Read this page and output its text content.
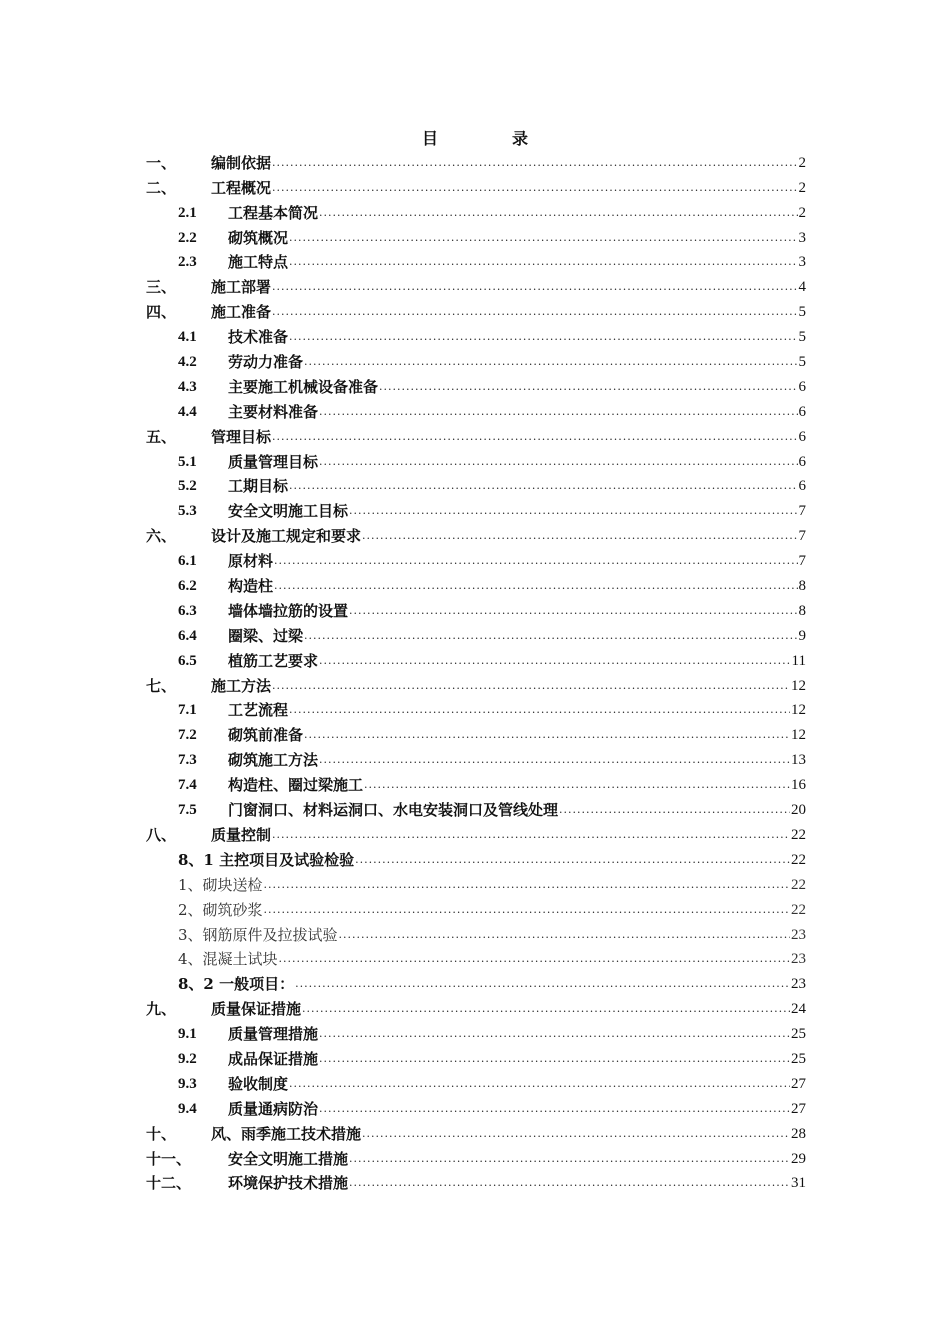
目	录
一、	编制依据 .....	2
二、	工程概况 .....	2
2.1	工程基本简况 .....	2
2.2	砌筑概况 .....	3
2.3	施工特点 .....	3
三、	施工部署 .....	4
四、	施工准备 .....	5
4.1	技术准备 .....	5
4.2	劳动力准备 .....	5
4.3	主要施工机械设备准备 .....	6
4.4	主要材料准备 .....	6
五、	管理目标 .....	6
5.1	质量管理目标 .....	6
5.2	工期目标 .....	6
5.3	安全文明施工目标 .....	7
六、	设计及施工规定和要求 .....	7
6.1	原材料 .....	7
6.2	构造柱 .....	8
6.3	墙体墙拉筋的设置 .....	8
6.4	圈梁、过梁 .....	9
6.5	植筋工艺要求 .....	11
七、	施工方法 .....	12
7.1	工艺流程 .....	12
7.2	砌筑前准备 .....	12
7.3	砌筑施工方法 .....	13
7.4	构造柱、圈过梁施工 .....	16
7.5	门窗洞口、材料运洞口、水电安装洞口及管线处理 .....	20
八、	质量控制 .....	22
8、1 主控项目及试验检验 .....	22
1、砌块送检 .....	22
2、砌筑砂浆 .....	22
3、钢筋原件及拉拔试验 .....	23
4、混凝土试块 .....	23
8、2 一般项目： .....	23
九、	质量保证措施 .....	24
9.1	质量管理措施 .....	25
9.2	成品保证措施 .....	25
9.3	验收制度 .....	27
9.4	质量通病防治 .....	27
十、	风、雨季施工技术措施 .....	28
十一、	安全文明施工措施 .....	29
十二、	环境保护技术措施 .....	31
